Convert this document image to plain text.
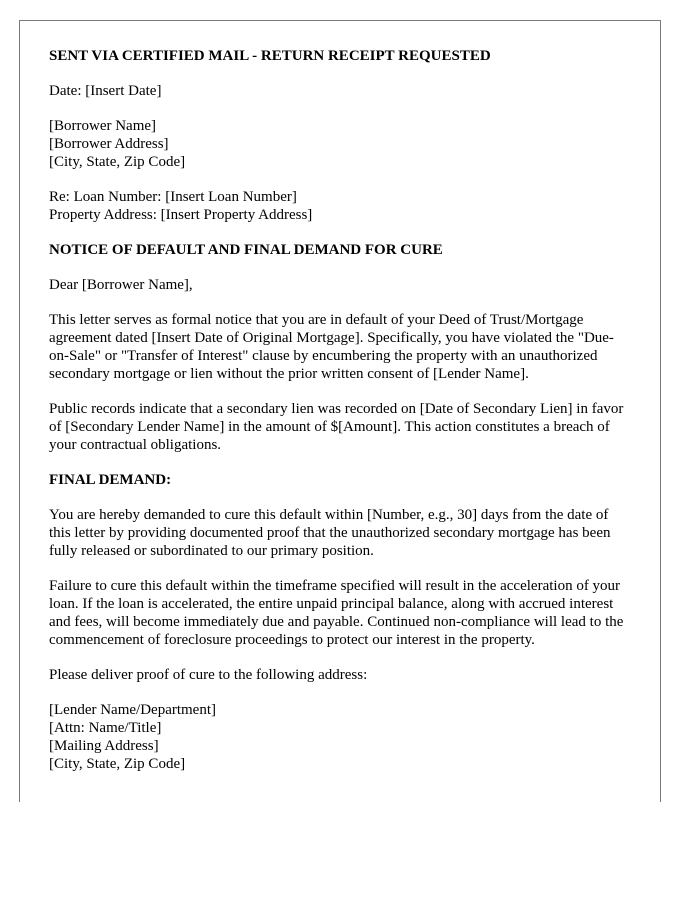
SENT VIA CERTIFIED MAIL - RETURN RECEIPT REQUESTED

Date: [Insert Date]

[Borrower Name]
[Borrower Address]
[City, State, Zip Code]

Re: Loan Number: [Insert Loan Number]
Property Address: [Insert Property Address]

NOTICE OF DEFAULT AND FINAL DEMAND FOR CURE

Dear [Borrower Name],

This letter serves as formal notice that you are in default of your Deed of Trust/Mortgage agreement dated [Insert Date of Original Mortgage]. Specifically, you have violated the "Due-on-Sale" or "Transfer of Interest" clause by encumbering the property with an unauthorized secondary mortgage or lien without the prior written consent of [Lender Name].

Public records indicate that a secondary lien was recorded on [Date of Secondary Lien] in favor of [Secondary Lender Name] in the amount of $[Amount]. This action constitutes a breach of your contractual obligations.

FINAL DEMAND:

You are hereby demanded to cure this default within [Number, e.g., 30] days from the date of this letter by providing documented proof that the unauthorized secondary mortgage has been fully released or subordinated to our primary position.

Failure to cure this default within the timeframe specified will result in the acceleration of your loan. If the loan is accelerated, the entire unpaid principal balance, along with accrued interest and fees, will become immediately due and payable. Continued non-compliance will lead to the commencement of foreclosure proceedings to protect our interest in the property.

Please deliver proof of cure to the following address:

[Lender Name/Department]
[Attn: Name/Title]
[Mailing Address]
[City, State, Zip Code]
